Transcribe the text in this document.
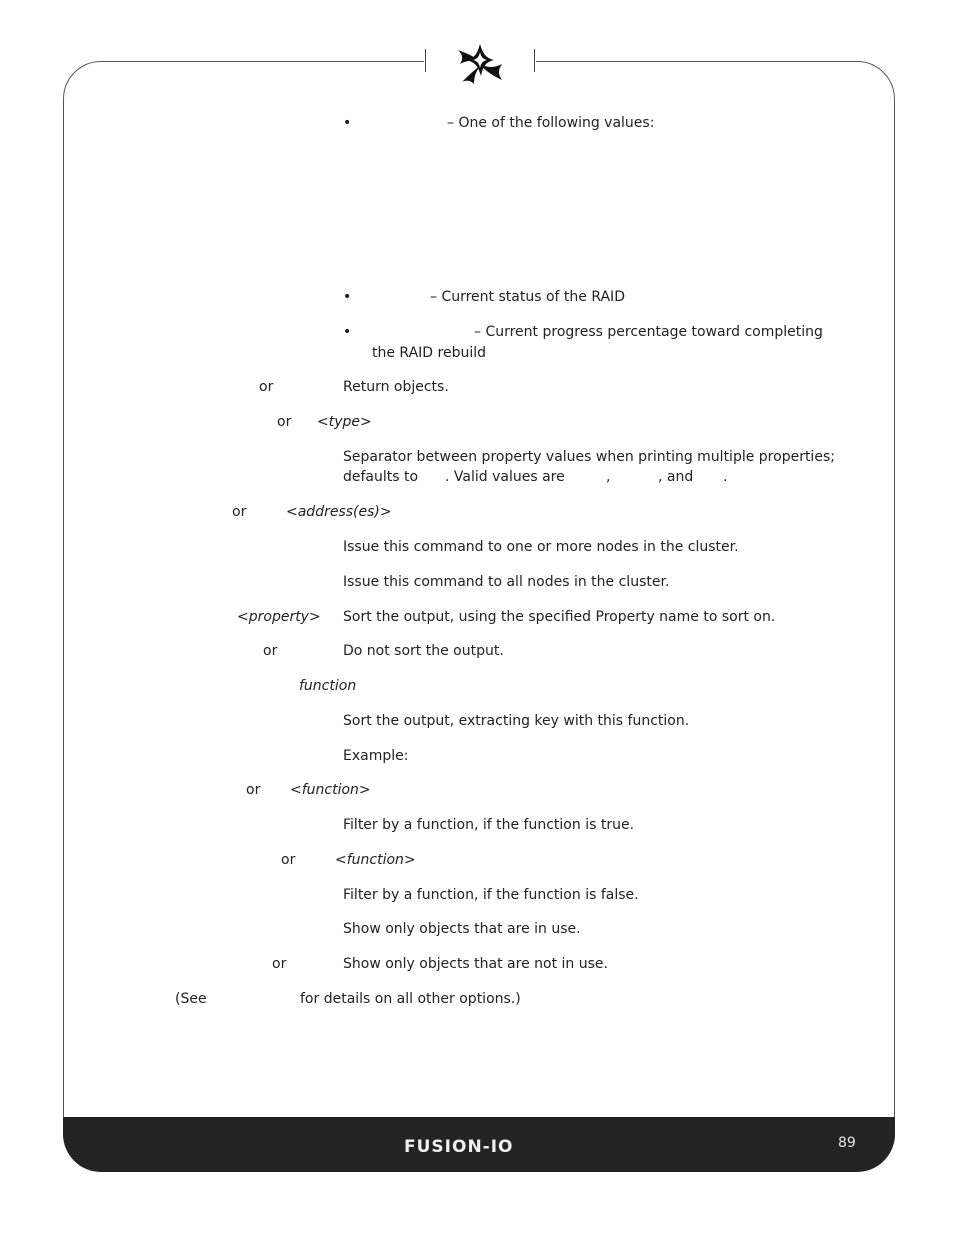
•	– One of the following values:
•	– Current status of the RAID
•	– Current progress percentage toward completing
the RAID rebuild
or	Return objects.
or <type>
Separator between property values when printing multiple properties;
defaults to . Valid values are	,	, and .
or	<address(es)>
Issue this command to one or more nodes in the cluster.
Issue this command to all nodes in the cluster.
<property> Sort the output, using the specified Property name to sort on.
or	Do not sort the output.
function
Sort the output, extracting key with this function.
Example:
or <function>
Filter by a function, if the function is true.
or	<function>
Filter by a function, if the function is false.
Show only objects that are in use.
or	Show only objects that are not in use.
(See	for details on all other options.)
FUSION-IO	89
